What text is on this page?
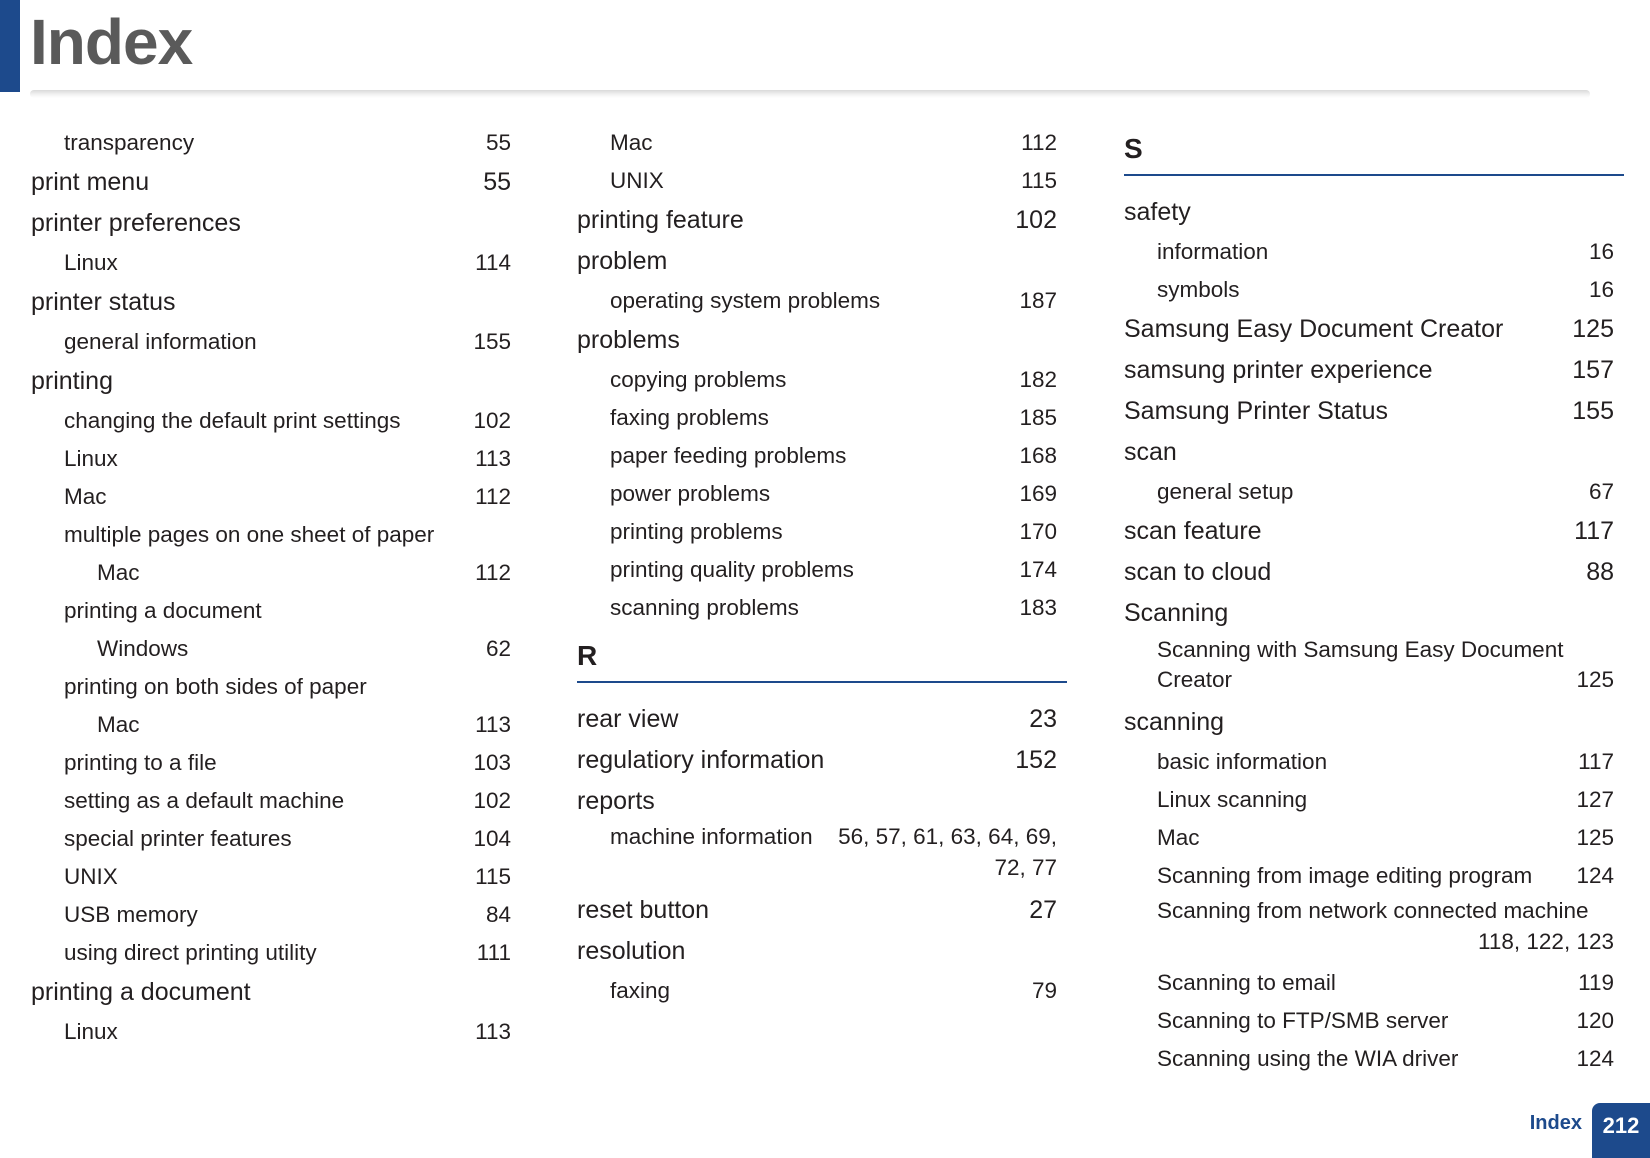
Index
transparency	55
print menu	55
printer preferences
Linux	114
printer status
general information	155
printing
changing the default print settings	102
Linux	113
Mac	112
multiple pages on one sheet of paper
Mac	112
printing a document
Windows	62
printing on both sides of paper
Mac	113
printing to a file	103
setting as a default machine	102
special printer features	104
UNIX	115
USB memory	84
using direct printing utility	111
printing a document
Linux	113
Mac	112
UNIX	115
printing feature	102
problem
operating system problems	187
problems
copying problems	182
faxing problems	185
paper feeding problems	168
power problems	169
printing problems	170
printing quality problems	174
scanning problems	183
R
rear view	23
regulatiory information	152
reports
machine information 56, 57, 61, 63, 64, 69,
72, 77
reset button	27
resolution
faxing	79
S
safety
information	16
symbols	16
Samsung Easy Document Creator	125
samsung printer experience	157
Samsung Printer Status	155
scan
general setup	67
scan feature	117
scan to cloud	88
Scanning
Scanning with Samsung Easy Document
Creator	125
scanning
basic information	117
Linux scanning	127
Mac	125
Scanning from image editing program 124
Scanning from network connected machine
118, 122, 123
Scanning to email	119
Scanning to FTP/SMB server	120
Scanning using the WIA driver	124
Index 212
